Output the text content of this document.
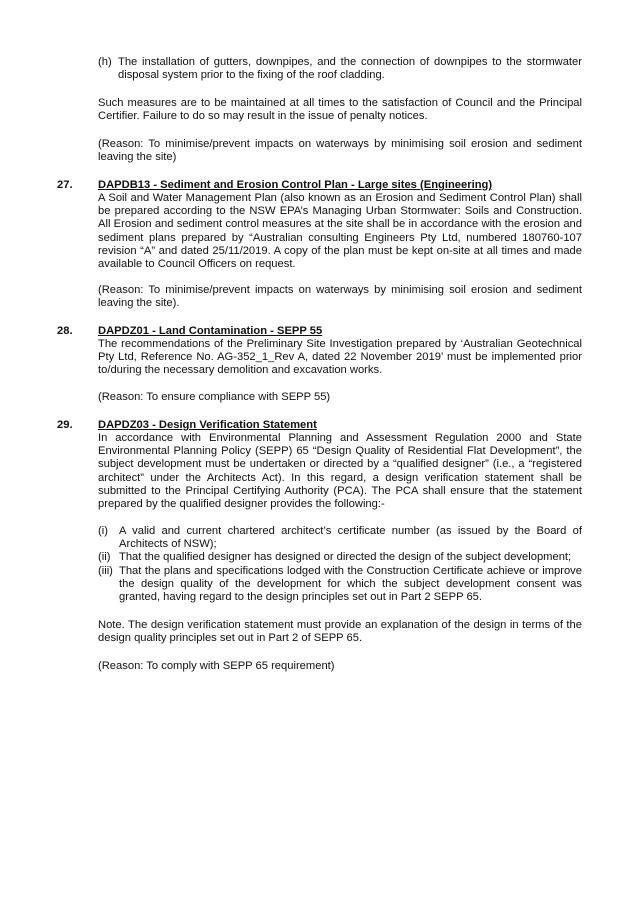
(h) The installation of gutters, downpipes, and the connection of downpipes to the stormwater disposal system prior to the fixing of the roof cladding.
Such measures are to be maintained at all times to the satisfaction of Council and the Principal Certifier. Failure to do so may result in the issue of penalty notices.
(Reason: To minimise/prevent impacts on waterways by minimising soil erosion and sediment leaving the site)
27. DAPDB13 - Sediment and Erosion Control Plan - Large sites (Engineering)
A Soil and Water Management Plan (also known as an Erosion and Sediment Control Plan) shall be prepared according to the NSW EPA’s Managing Urban Stormwater: Soils and Construction. All Erosion and sediment control measures at the site shall be in accordance with the erosion and sediment plans prepared by “Australian consulting Engineers Pty Ltd, numbered 180760-107 revision “A” and dated 25/11/2019. A copy of the plan must be kept on-site at all times and made available to Council Officers on request.
(Reason: To minimise/prevent impacts on waterways by minimising soil erosion and sediment leaving the site).
28. DAPDZ01 - Land Contamination - SEPP 55
The recommendations of the Preliminary Site Investigation prepared by ‘Australian Geotechnical Pty Ltd, Reference No. AG-352_1_Rev A, dated 22 November 2019’ must be implemented prior to/during the necessary demolition and excavation works.
(Reason: To ensure compliance with SEPP 55)
29. DAPDZ03 - Design Verification Statement
In accordance with Environmental Planning and Assessment Regulation 2000 and State Environmental Planning Policy (SEPP) 65 “Design Quality of Residential Flat Development”, the subject development must be undertaken or directed by a “qualified designer” (i.e., a “registered architect” under the Architects Act). In this regard, a design verification statement shall be submitted to the Principal Certifying Authority (PCA). The PCA shall ensure that the statement prepared by the qualified designer provides the following:-
(i) A valid and current chartered architect’s certificate number (as issued by the Board of Architects of NSW);
(ii) That the qualified designer has designed or directed the design of the subject development;
(iii) That the plans and specifications lodged with the Construction Certificate achieve or improve the design quality of the development for which the subject development consent was granted, having regard to the design principles set out in Part 2 SEPP 65.
Note. The design verification statement must provide an explanation of the design in terms of the design quality principles set out in Part 2 of SEPP 65.
(Reason: To comply with SEPP 65 requirement)
